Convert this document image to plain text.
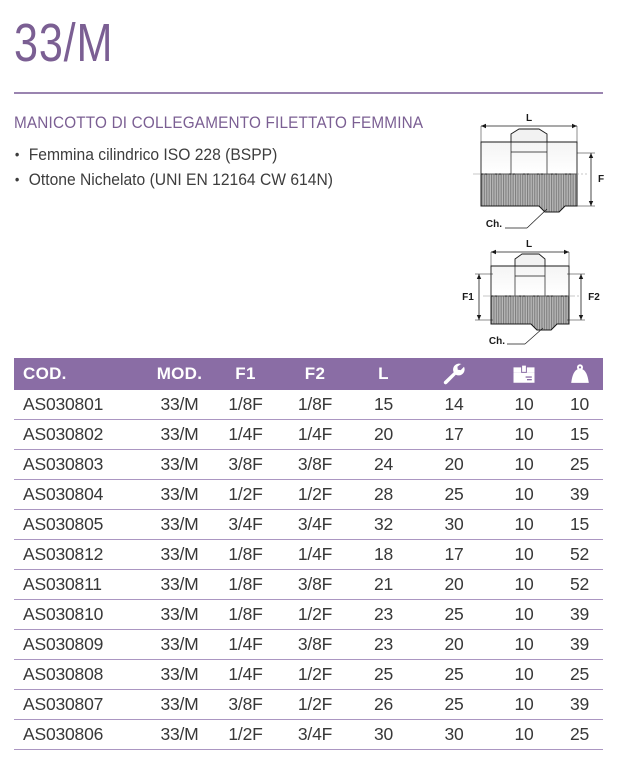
33/M
MANICOTTO DI COLLEGAMENTO FILETTATO FEMMINA
• Femmina cilindrico ISO 228 (BSPP)
• Ottone Nichelato (UNI EN 12164 CW 614N)
L
F
Ch.
L
F1	F2
Ch.
COD.	MOD.	F1	F2	L
AS030801	33/M	1/8F	1/8F	15	14	10	10
AS030802	33/M	1/4F	1/4F	20	17	10	15
AS030803	33/M	3/8F	3/8F	24	20	10	25
AS030804	33/M	1/2F	1/2F	28	25	10	39
AS030805	33/M	3/4F	3/4F	32	30	10	15
AS030812	33/M	1/8F	1/4F	18	17	10	52
AS030811	33/M	1/8F	3/8F	21	20	10	52
AS030810	33/M	1/8F	1/2F	23	25	10	39
AS030809	33/M	1/4F	3/8F	23	20	10	39
AS030808	33/M	1/4F	1/2F	25	25	10	25
AS030807	33/M	3/8F	1/2F	26	25	10	39
AS030806	33/M	1/2F	3/4F	30	30	10	25
